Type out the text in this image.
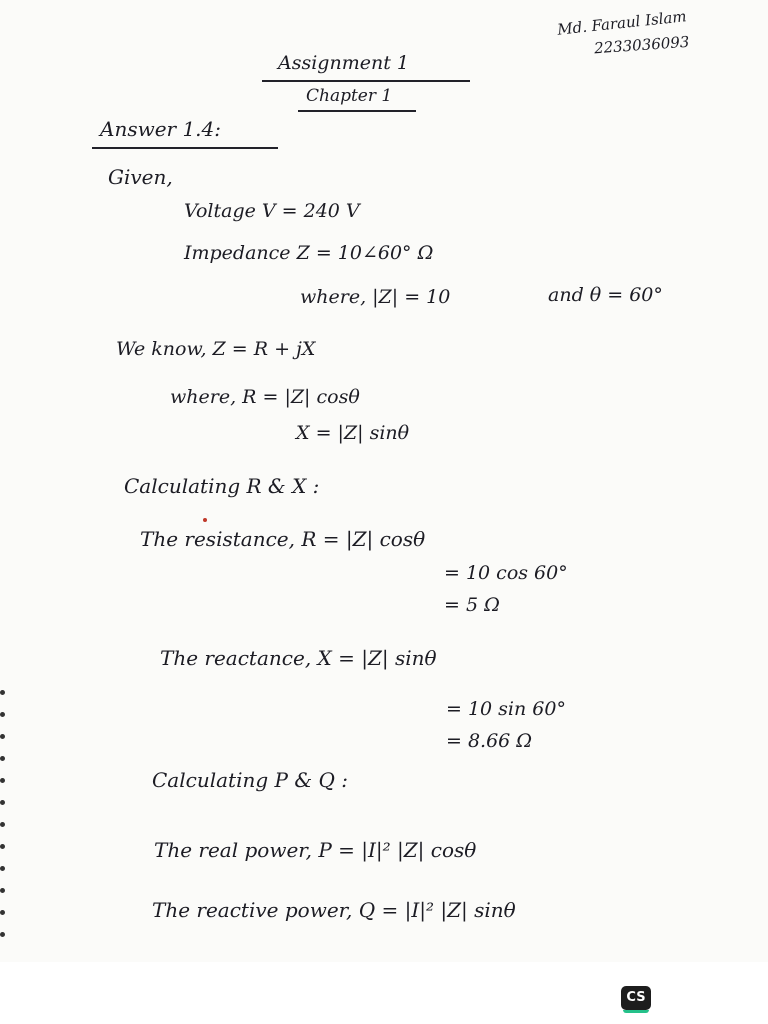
Md. Faraul Islam
2233036093
Assignment 1
Chapter 1
Answer 1.4:
Given,
Voltage V = 240 V
Impedance Z = 10∠60° Ω
where, |Z| = 10	and θ = 60°
We know, Z = R + jX
where, R = |Z| cosθ
X = |Z| sinθ
Calculating R & X :
The resistance, R = |Z| cosθ
= 10 cos 60°
= 5 Ω
The reactance, X = |Z| sinθ
= 10 sin 60°
= 8.66 Ω
Calculating P & Q :
The real power, P = |I|² |Z| cosθ
The reactive power, Q = |I|² |Z| sinθ
CS
